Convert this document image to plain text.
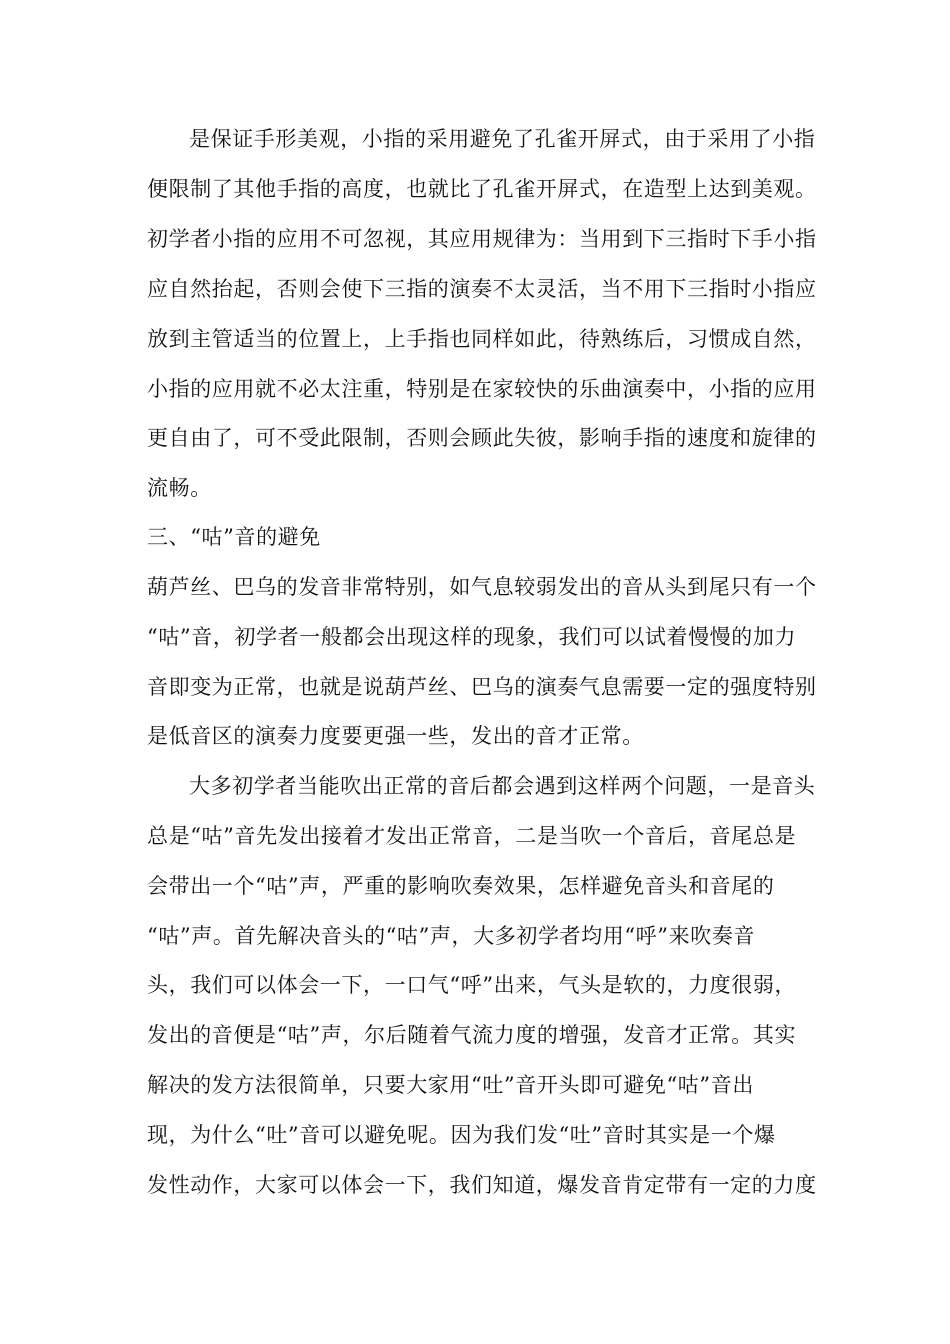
是保证手形美观，小指的采用避免了孔雀开屏式，由于采用了小指
便限制了其他手指的高度，也就比了孔雀开屏式，在造型上达到美观。
初学者小指的应用不可忽视，其应用规律为：当用到下三指时下手小指
应自然抬起，否则会使下三指的演奏不太灵活，当不用下三指时小指应
放到主管适当的位置上，上手指也同样如此，待熟练后，习惯成自然，
小指的应用就不必太注重，特别是在家较快的乐曲演奏中，小指的应用
更自由了，可不受此限制，否则会顾此失彼，影响手指的速度和旋律的
流畅。
三、“咕”音的避免
葫芦丝、巴乌的发音非常特别，如气息较弱发出的音从头到尾只有一个
“咕”音，初学者一般都会出现这样的现象，我们可以试着慢慢的加力
音即变为正常，也就是说葫芦丝、巴乌的演奏气息需要一定的强度特别
是低音区的演奏力度要更强一些，发出的音才正常。
大多初学者当能吹出正常的音后都会遇到这样两个问题，一是音头
总是“咕”音先发出接着才发出正常音，二是当吹一个音后，音尾总是
会带出一个“咕”声，严重的影响吹奏效果，怎样避免音头和音尾的
“咕”声。首先解决音头的“咕”声，大多初学者均用“呼”来吹奏音
头，我们可以体会一下，一口气“呼”出来，气头是软的，力度很弱，
发出的音便是“咕”声，尔后随着气流力度的增强，发音才正常。其实
解决的发方法很简单，只要大家用“吐”音开头即可避免“咕”音出
现，为什么“吐”音可以避免呢。因为我们发“吐”音时其实是一个爆
发性动作，大家可以体会一下，我们知道，爆发音肯定带有一定的力度
